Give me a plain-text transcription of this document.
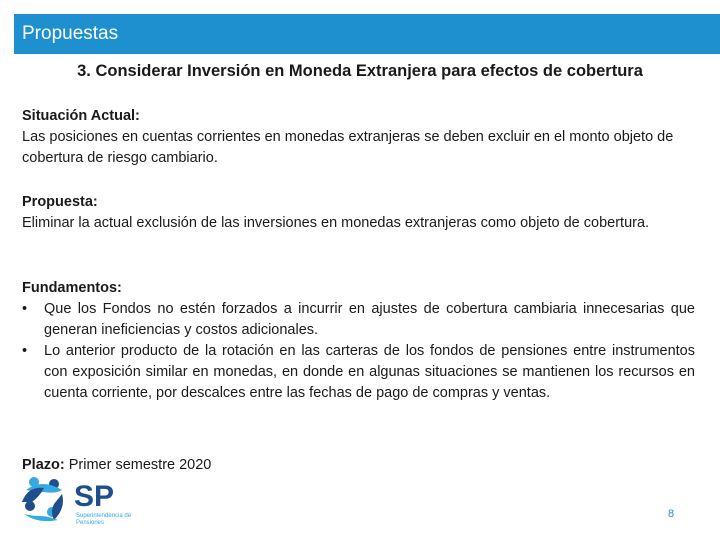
Propuestas
3. Considerar Inversión en Moneda Extranjera para efectos de cobertura

Situación Actual:

Las posiciones en cuentas corrientes en monedas extranjeras se deben excluir en el monto objeto de cobertura de riesgo cambiario.

Propuesta:

Eliminar la actual exclusión de las inversiones en monedas extranjeras como objeto de cobertura.

Fundamentos:

• Que los Fondos no estén forzados a incurrir en ajustes de cobertura cambiaria innecesarias que generan ineficiencias y costos adicionales.
• Lo anterior producto de la rotación en las carteras de los fondos de pensiones entre instrumentos con exposición similar en monedas, en donde en algunas situaciones se mantienen los recursos en cuenta corriente, por descalces entre las fechas de pago de compras y ventas.
Plazo: Primer semestre 2020
SP
Superintendencia de
Pensiones
8
